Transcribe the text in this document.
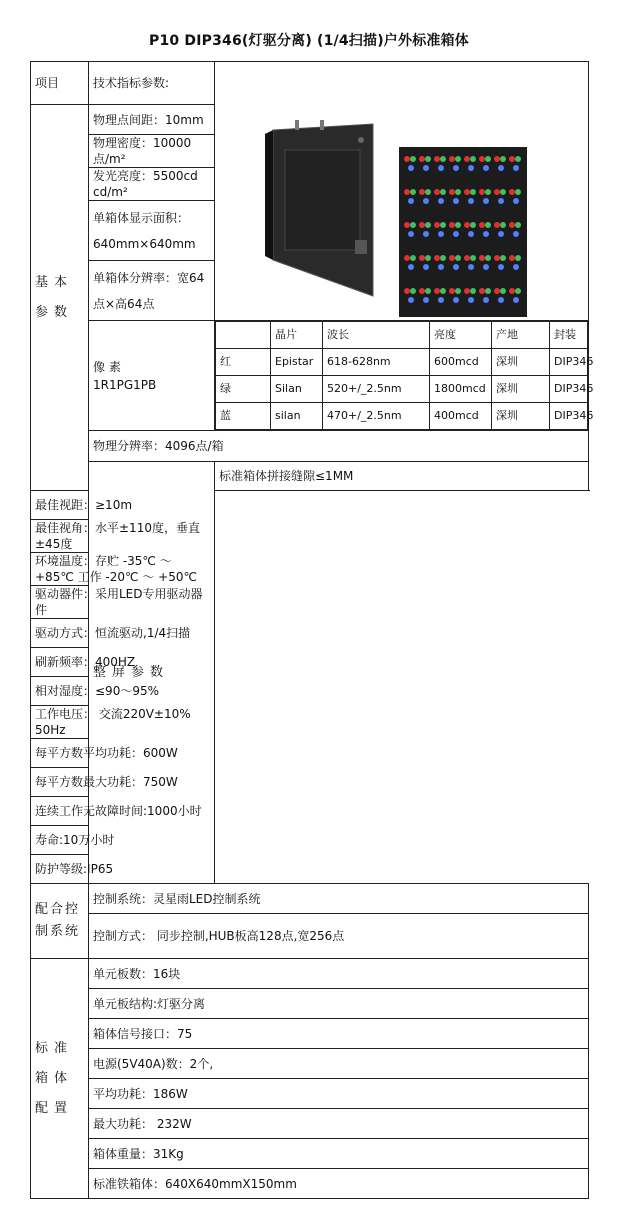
P10 DIP346(灯驱分离) (1/4扫描)户外标准箱体
项目	技术指标参数:	

基本参数	物理点间距：10mm
物理密度：10000点/m²
发光亮度：5500cd cd/m²
单箱体显示面积：640mm×640mm
单箱体分辨率：宽64点×高64点

像 素
1R1PG1PB

	晶片	波长	亮度	产地	封装
红	Epistar	618-628nm	600mcd	深圳	DIP346
绿	Silan	520+/_2.5nm	1800mcd	深圳	DIP346
蓝	silan	470+/_2.5nm	400mcd	深圳	DIP346

物理分辨率：4096点/箱
整屏参数	标准箱体拼接缝隙≤1MM
最佳视距：≥10m
最佳视角：水平±110度，垂直±45度
环境温度：存贮 -35℃ ～ +85℃ 工作 -20℃ ～ +50℃
驱动器件：采用LED专用驱动器件
驱动方式：恒流驱动,1/4扫描
刷新频率：400HZ
相对湿度：≤90～95%
工作电压： 交流220V±10% 50Hz
每平方数平均功耗：600W
每平方数最大功耗：750W
连续工作无故障时间:1000小时
寿命:10万小时
防护等级:IP65
配合控制系统	控制系统：灵星雨LED控制系统
控制方式： 同步控制,HUB板高128点,宽256点
标准箱体配置	单元板数：16块
单元板结构:灯驱分离
箱体信号接口：75
电源(5V40A)数：2个,
平均功耗：186W
最大功耗： 232W
箱体重量：31Kg
标准铁箱体：640X640mmX150mm
